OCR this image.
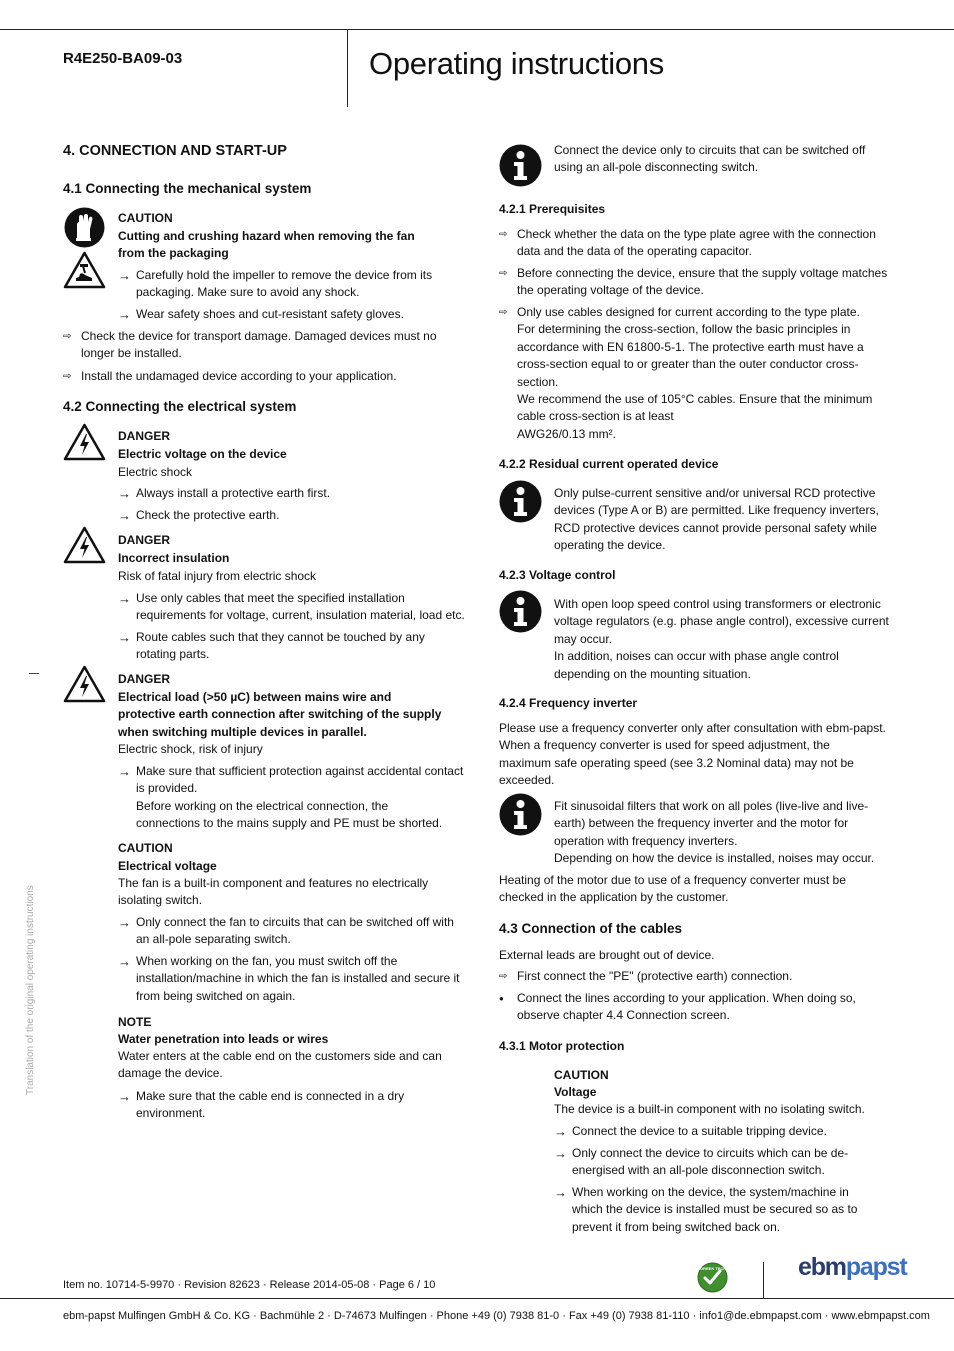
R4E250-BA09-03	Operating instructions
Translation of the original operating instructions
4. CONNECTION AND START-UP
4.1 Connecting the mechanical system
CAUTION
Cutting and crushing hazard when removing the fan
from the packaging
→ Carefully hold the impeller to remove the device from its
packaging. Make sure to avoid any shock.
→ Wear safety shoes and cut-resistant safety gloves.
⇨ Check the device for transport damage. Damaged devices must no
longer be installed.
⇨ Install the undamaged device according to your application.
4.2 Connecting the electrical system
DANGER
Electric voltage on the device
Electric shock
→ Always install a protective earth first.
→ Check the protective earth.
DANGER
Incorrect insulation
Risk of fatal injury from electric shock
→ Use only cables that meet the specified installation
requirements for voltage, current, insulation material, load etc.
→ Route cables such that they cannot be touched by any
rotating parts.
DANGER
Electrical load (>50 µC) between mains wire and
protective earth connection after switching of the supply
when switching multiple devices in parallel.
Electric shock, risk of injury
→ Make sure that sufficient protection against accidental contact
is provided.
Before working on the electrical connection, the
connections to the mains supply and PE must be shorted.
CAUTION
Electrical voltage
The fan is a built-in component and features no electrically
isolating switch.
→ Only connect the fan to circuits that can be switched off with
an all-pole separating switch.
→ When working on the fan, you must switch off the
installation/machine in which the fan is installed and secure it
from being switched on again.
NOTE
Water penetration into leads or wires
Water enters at the cable end on the customers side and can
damage the device.
→ Make sure that the cable end is connected in a dry
environment.
Connect the device only to circuits that can be switched off
using an all-pole disconnecting switch.
4.2.1 Prerequisites
⇨ Check whether the data on the type plate agree with the connection
data and the data of the operating capacitor.
⇨ Before connecting the device, ensure that the supply voltage matches
the operating voltage of the device.
⇨ Only use cables designed for current according to the type plate.
For determining the cross-section, follow the basic principles in
accordance with EN 61800-5-1. The protective earth must have a
cross-section equal to or greater than the outer conductor cross-
section.
We recommend the use of 105°C cables. Ensure that the minimum
cable cross-section is at least
AWG26/0.13 mm².
4.2.2 Residual current operated device
Only pulse-current sensitive and/or universal RCD protective
devices (Type A or B) are permitted. Like frequency inverters,
RCD protective devices cannot provide personal safety while
operating the device.
4.2.3 Voltage control
With open loop speed control using transformers or electronic
voltage regulators (e.g. phase angle control), excessive current
may occur.
In addition, noises can occur with phase angle control
depending on the mounting situation.
4.2.4 Frequency inverter
Please use a frequency converter only after consultation with ebm-papst.
When a frequency converter is used for speed adjustment, the
maximum safe operating speed (see 3.2 Nominal data) may not be
exceeded.
Fit sinusoidal filters that work on all poles (live-live and live-
earth) between the frequency inverter and the motor for
operation with frequency inverters.
Depending on how the device is installed, noises may occur.
Heating of the motor due to use of a frequency converter must be
checked in the application by the customer.
4.3 Connection of the cables
External leads are brought out of device.
⇨ First connect the "PE" (protective earth) connection.
●	Connect the lines according to your application. When doing so,
observe chapter 4.4 Connection screen.
4.3.1 Motor protection
CAUTION
Voltage
The device is a built-in component with no isolating switch.
→ Connect the device to a suitable tripping device.
→ Only connect the device to circuits which can be de-
energised with an all-pole disconnection switch.
→ When working on the device, the system/machine in
which the device is installed must be secured so as to
prevent it from being switched back on.
Item no. 10714-5-9970 · Revision 82623 · Release 2014-05-08 · Page 6 / 10
GREEN TECH	ebmpapst
ebm-papst Mulfingen GmbH & Co. KG · Bachmühle 2 · D-74673 Mulfingen · Phone +49 (0) 7938 81-0 · Fax +49 (0) 7938 81-110 · info1@de.ebmpapst.com · www.ebmpapst.com
